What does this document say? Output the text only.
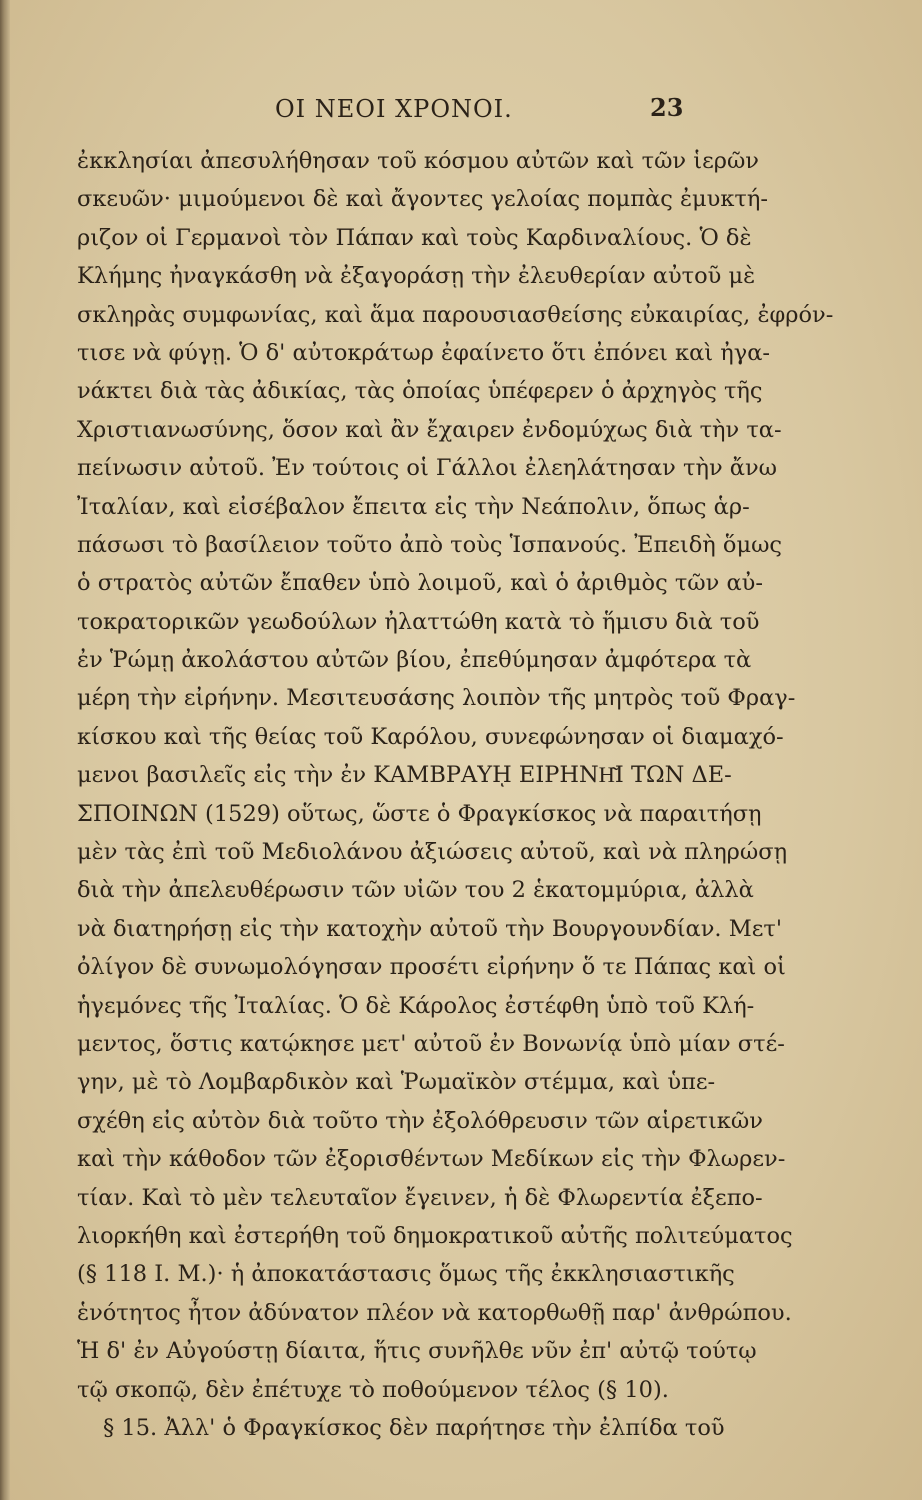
ΟΙ ΝΕΟΙ ΧΡΟΝΟΙ.	23
ἐκκλησίαι ἀπεσυλήθησαν τοῦ κόσμου αὐτῶν καὶ τῶν ἱερῶν
σκευῶν· μιμούμενοι δὲ καὶ ἄγοντες γελοίας πομπὰς ἐμυκτή-
ριζον οἱ Γερμανοὶ τὸν Πάπαν καὶ τοὺς Καρδιναλίους. Ὁ δὲ
Κλήμης ἠναγκάσθη νὰ ἐξαγοράσῃ τὴν ἐλευθερίαν αὐτοῦ μὲ
σκληρὰς συμφωνίας, καὶ ἅμα παρουσιασθείσης εὐκαιρίας, ἐφρόν-
τισε νὰ φύγῃ. Ὁ δ' αὐτοκράτωρ ἐφαίνετο ὅτι ἐπόνει καὶ ἠγα-
νάκτει διὰ τὰς ἀδικίας, τὰς ὁποίας ὑπέφερεν ὁ ἀρχηγὸς τῆς
Χριστιανωσύνης, ὅσον καὶ ἂν ἔχαιρεν ἐνδομύχως διὰ τὴν τα-
πείνωσιν αὐτοῦ. Ἐν τούτοις οἱ Γάλλοι ἐλεηλάτησαν τὴν ἄνω
Ἰταλίαν, καὶ εἰσέβαλον ἔπειτα εἰς τὴν Νεάπολιν, ὅπως ἁρ-
πάσωσι τὸ βασίλειον τοῦτο ἀπὸ τοὺς Ἱσπανούς. Ἐπειδὴ ὅμως
ὁ στρατὸς αὐτῶν ἔπαθεν ὑπὸ λοιμοῦ, καὶ ὁ ἀριθμὸς τῶν αὐ-
τοκρατορικῶν γεωδούλων ἠλαττώθη κατὰ τὸ ἥμισυ διὰ τοῦ
ἐν Ῥώμῃ ἀκολάστου αὐτῶν βίου, ἐπεθύμησαν ἀμφότερα τὰ
μέρη τὴν εἰρήνην. Μεσιτευσάσης λοιπὸν τῆς μητρὸς τοῦ Φραγ-
κίσκου καὶ τῆς θείας τοῦ Καρόλου, συνεφώνησαν οἱ διαμαχό-
μενοι βασιλεῖς εἰς τὴν ἐν ΚΑΜΒΡΑΥῌ ΕΙΡΗΝΗ͂Ι ΤΩΝ ΔΕ-
ΣΠΟΙΝΩΝ (1529) οὕτως, ὥστε ὁ Φραγκίσκος νὰ παραιτήσῃ
μὲν τὰς ἐπὶ τοῦ Μεδιολάνου ἀξιώσεις αὐτοῦ, καὶ νὰ πληρώσῃ
διὰ τὴν ἀπελευθέρωσιν τῶν υἱῶν του 2 ἑκατομμύρια, ἀλλὰ
νὰ διατηρήσῃ εἰς τὴν κατοχὴν αὐτοῦ τὴν Βουργουνδίαν. Μετ'
ὀλίγον δὲ συνωμολόγησαν προσέτι εἰρήνην ὅ τε Πάπας καὶ οἱ
ἡγεμόνες τῆς Ἰταλίας. Ὁ δὲ Κάρολος ἐστέφθη ὑπὸ τοῦ Κλή-
μεντος, ὅστις κατῴκησε μετ' αὐτοῦ ἐν Βονωνίᾳ ὑπὸ μίαν στέ-
γην, μὲ τὸ Λομβαρδικὸν καὶ Ῥωμαϊκὸν στέμμα, καὶ ὑπε-
σχέθη εἰς αὐτὸν διὰ τοῦτο τὴν ἐξολόθρευσιν τῶν αἱρετικῶν
καὶ τὴν κάθοδον τῶν ἐξορισθέντων Μεδίκων εἰς τὴν Φλωρεν-
τίαν. Καὶ τὸ μὲν τελευταῖον ἔγεινεν, ἡ δὲ Φλωρεντία ἐξεπο-
λιορκήθη καὶ ἐστερήθη τοῦ δημοκρατικοῦ αὐτῆς πολιτεύματος
(§ 118 I. M.)· ἡ ἀποκατάστασις ὅμως τῆς ἐκκλησιαστικῆς
ἑνότητος ἦτον ἀδύνατον πλέον νὰ κατορθωθῇ παρ' ἀνθρώπου.
Ἡ δ' ἐν Αὐγούστῃ δίαιτα, ἥτις συνῆλθε νῦν ἐπ' αὐτῷ τούτῳ
τῷ σκοπῷ, δὲν ἐπέτυχε τὸ ποθούμενον τέλος (§ 10).
§ 15. Ἀλλ' ὁ Φραγκίσκος δὲν παρήτησε τὴν ἐλπίδα τοῦ
